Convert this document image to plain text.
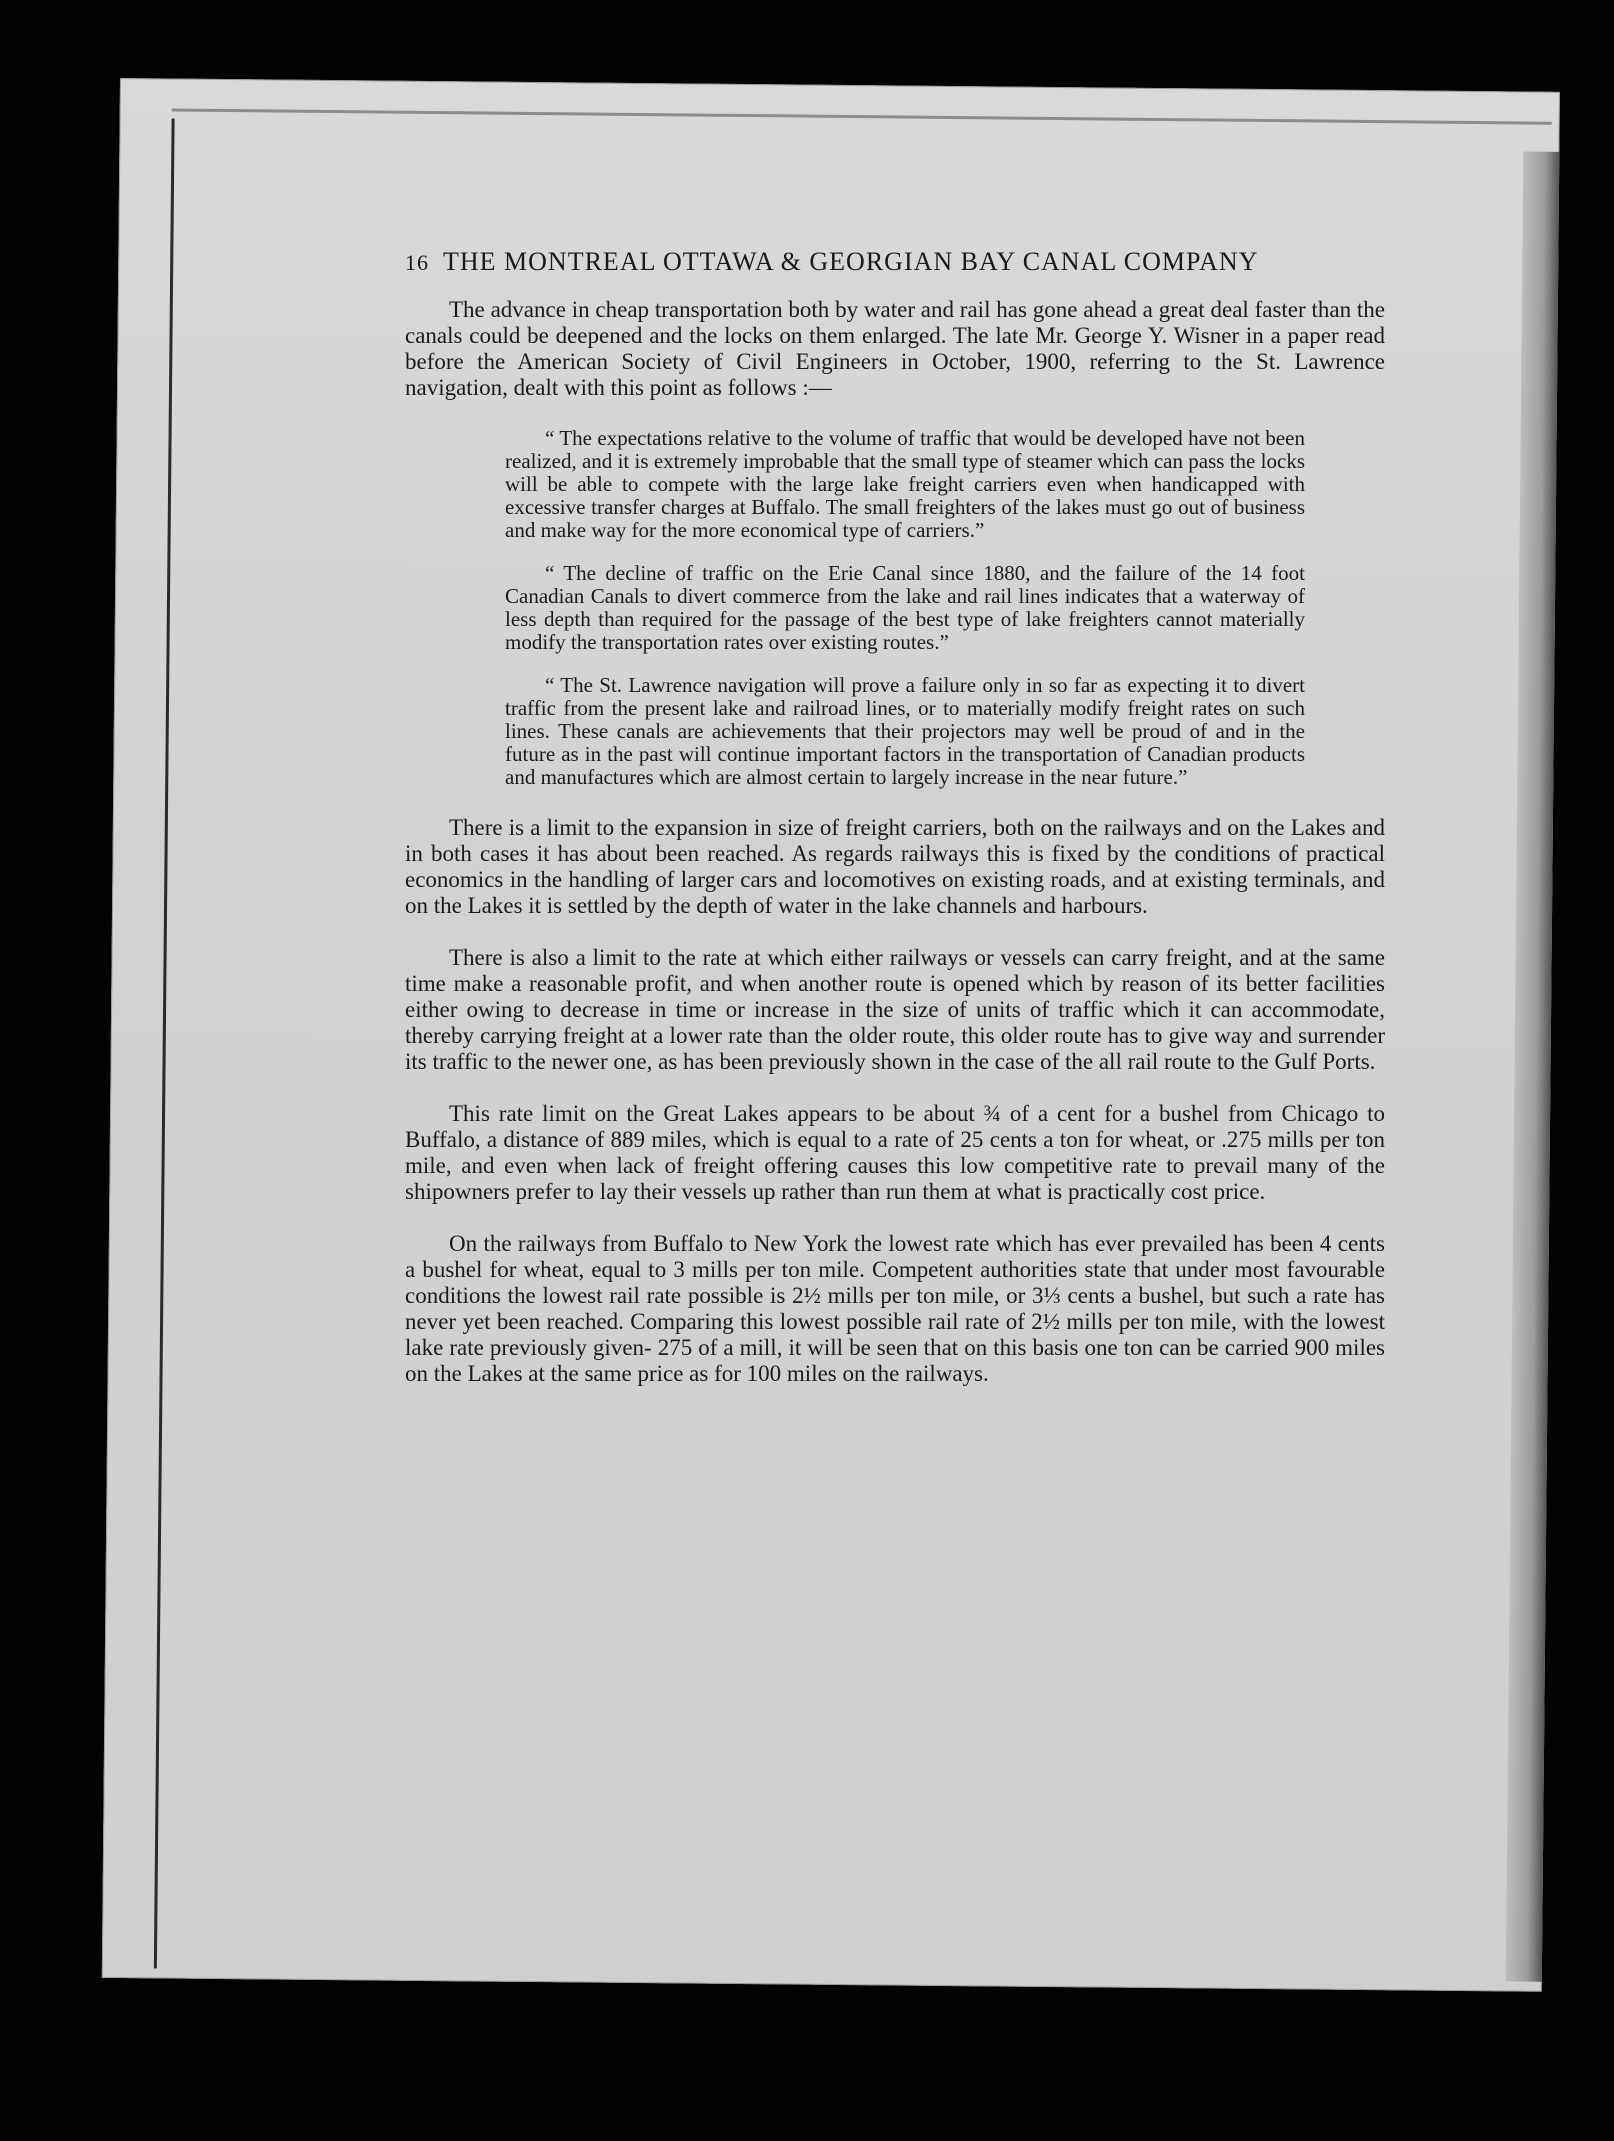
16 THE MONTREAL OTTAWA & GEORGIAN BAY CANAL COMPANY

The advance in cheap transportation both by water and rail has gone ahead a great deal faster than the canals could be deepened and the locks on them enlarged. The late Mr. George Y. Wisner in a paper read before the American Society of Civil Engineers in October, 1900, referring to the St. Lawrence navigation, dealt with this point as follows :—

“ The expectations relative to the volume of traffic that would be developed have not been realized, and it is extremely improbable that the small type of steamer which can pass the locks will be able to compete with the large lake freight carriers even when handicapped with excessive transfer charges at Buffalo. The small freighters of the lakes must go out of business and make way for the more economical type of carriers.”

“ The decline of traffic on the Erie Canal since 1880, and the failure of the 14 foot Canadian Canals to divert commerce from the lake and rail lines indicates that a waterway of less depth than required for the passage of the best type of lake freighters cannot materially modify the transportation rates over existing routes.”

“ The St. Lawrence navigation will prove a failure only in so far as expecting it to divert traffic from the present lake and railroad lines, or to materially modify freight rates on such lines. These canals are achievements that their projectors may well be proud of and in the future as in the past will continue important factors in the transportation of Canadian products and manufactures which are almost certain to largely increase in the near future.”

There is a limit to the expansion in size of freight carriers, both on the railways and on the Lakes and in both cases it has about been reached. As regards railways this is fixed by the conditions of practical economics in the handling of larger cars and locomotives on existing roads, and at existing terminals, and on the Lakes it is settled by the depth of water in the lake channels and harbours.

There is also a limit to the rate at which either railways or vessels can carry freight, and at the same time make a reasonable profit, and when another route is opened which by reason of its better facilities either owing to decrease in time or increase in the size of units of traffic which it can accommodate, thereby carrying freight at a lower rate than the older route, this older route has to give way and surrender its traffic to the newer one, as has been previously shown in the case of the all rail route to the Gulf Ports.

This rate limit on the Great Lakes appears to be about ¾ of a cent for a bushel from Chicago to Buffalo, a distance of 889 miles, which is equal to a rate of 25 cents a ton for wheat, or .275 mills per ton mile, and even when lack of freight offering causes this low competitive rate to prevail many of the shipowners prefer to lay their vessels up rather than run them at what is practically cost price.

On the railways from Buffalo to New York the lowest rate which has ever prevailed has been 4 cents a bushel for wheat, equal to 3 mills per ton mile. Competent authorities state that under most favourable conditions the lowest rail rate possible is 2½ mills per ton mile, or 3⅓ cents a bushel, but such a rate has never yet been reached. Comparing this lowest possible rail rate of 2½ mills per ton mile, with the lowest lake rate previously given- 275 of a mill, it will be seen that on this basis one ton can be carried 900 miles on the Lakes at the same price as for 100 miles on the railways.
